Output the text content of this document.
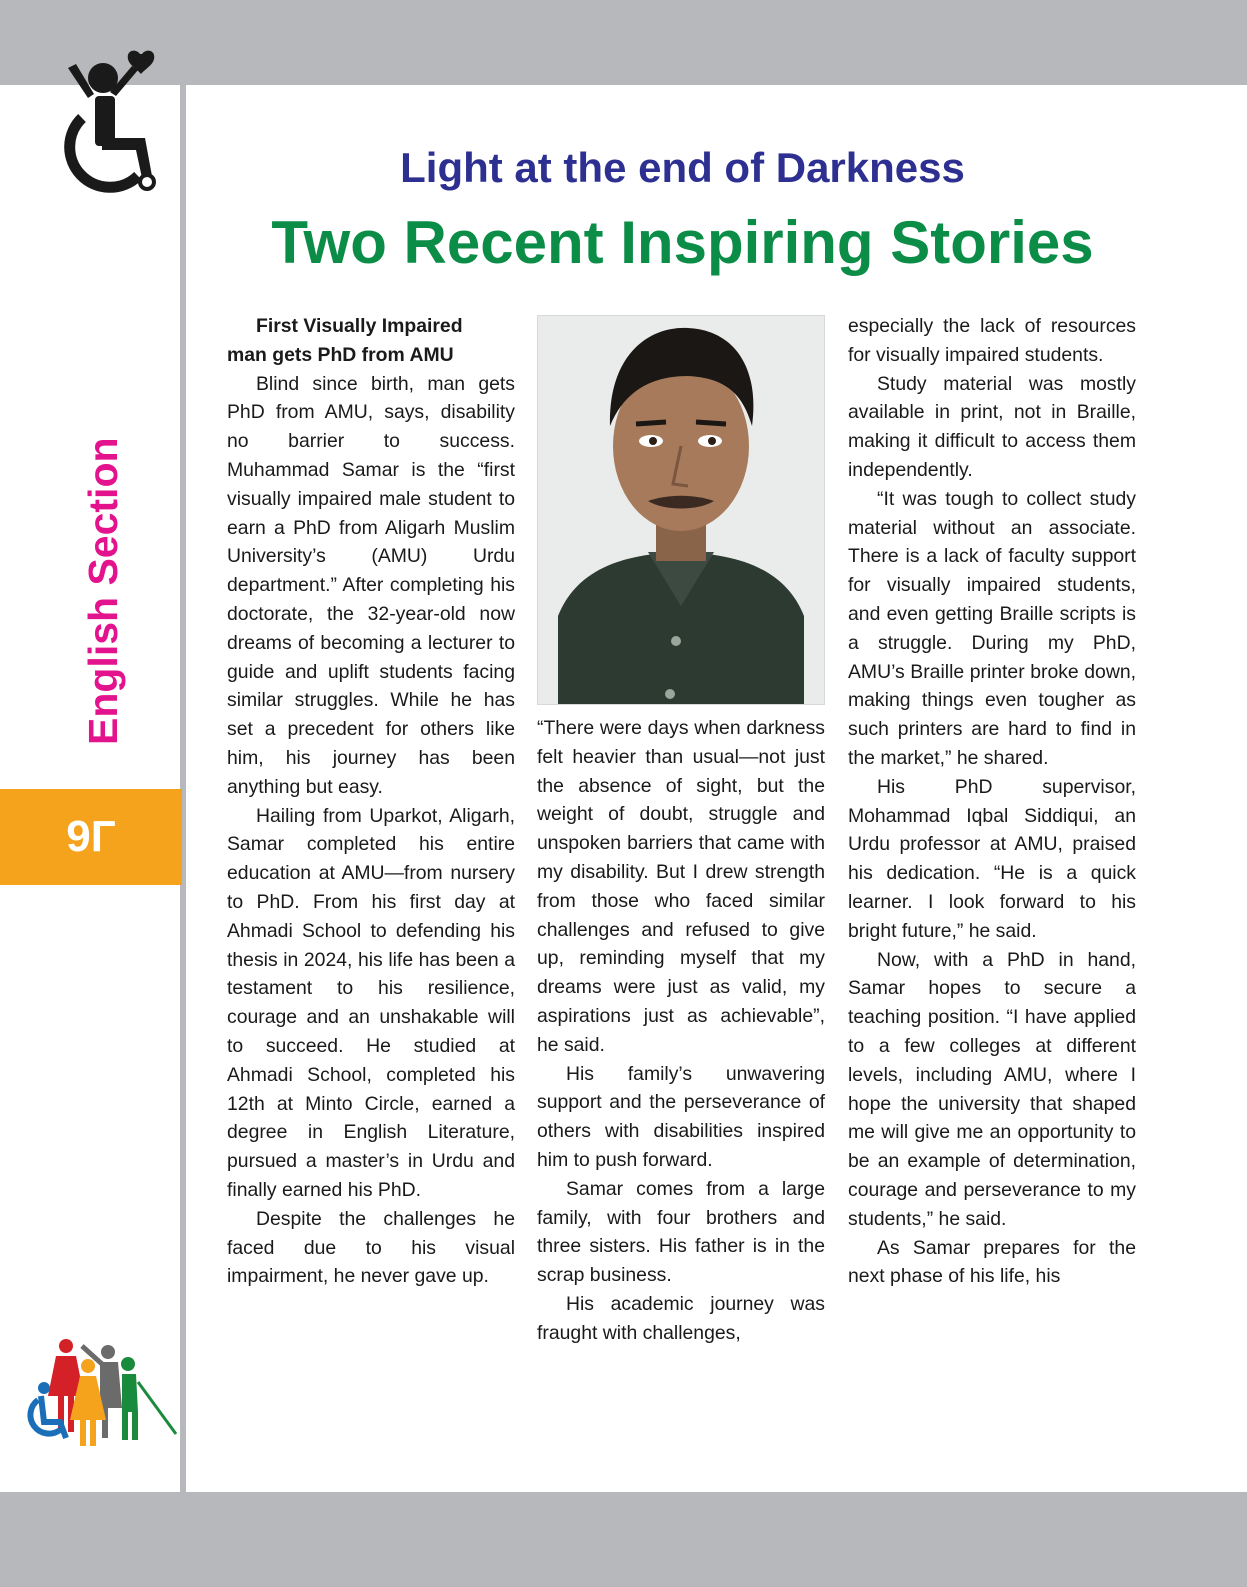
English Section
9Г
Light at the end of Darkness
Two Recent Inspiring Stories

First Visually Impaired

man gets PhD from AMU

Blind since birth, man gets PhD from AMU, says, disability no barrier to success. Muhammad Samar is the “first visually impaired male student to earn a PhD from Aligarh Muslim University’s (AMU) Urdu department.” After completing his doctorate, the 32-year-old now dreams of becoming a lecturer to guide and uplift students facing similar struggles. While he has set a precedent for others like him, his journey has been anything but easy.

Hailing from Uparkot, Aligarh, Samar completed his entire education at AMU—from nursery to PhD. From his first day at Ahmadi School to defending his thesis in 2024, his life has been a testament to his resilience, courage and an unshakable will to succeed. He studied at Ahmadi School, completed his 12th at Minto Circle, earned a degree in English Literature, pursued a master’s in Urdu and finally earned his PhD.

Despite the challenges he faced due to his visual impairment, he never gave up.

“There were days when darkness felt heavier than usual—not just the absence of sight, but the weight of doubt, struggle and unspoken barriers that came with my disability. But I drew strength from those who faced similar challenges and refused to give up, reminding myself that my dreams were just as valid, my aspirations just as achievable”, he said.

His family’s unwavering support and the perseverance of others with disabilities inspired him to push forward.

Samar comes from a large family, with four brothers and three sisters. His father is in the scrap business.

His academic journey was fraught with challenges,

especially the lack of resources for visually impaired students.

Study material was mostly available in print, not in Braille, making it difficult to access them independently.

“It was tough to collect study material without an associate. There is a lack of faculty support for visually impaired students, and even getting Braille scripts is a struggle. During my PhD, AMU’s Braille printer broke down, making things even tougher as such printers are hard to find in the market,” he shared.

His PhD supervisor, Mohammad Iqbal Siddiqui, an Urdu professor at AMU, praised his dedication. “He is a quick learner. I look forward to his bright future,” he said.

Now, with a PhD in hand, Samar hopes to secure a teaching position. “I have applied to a few colleges at different levels, including AMU, where I hope the university that shaped me will give me an opportunity to be an example of determination, courage and perseverance to my students,” he said.

As Samar prepares for the next phase of his life, his
